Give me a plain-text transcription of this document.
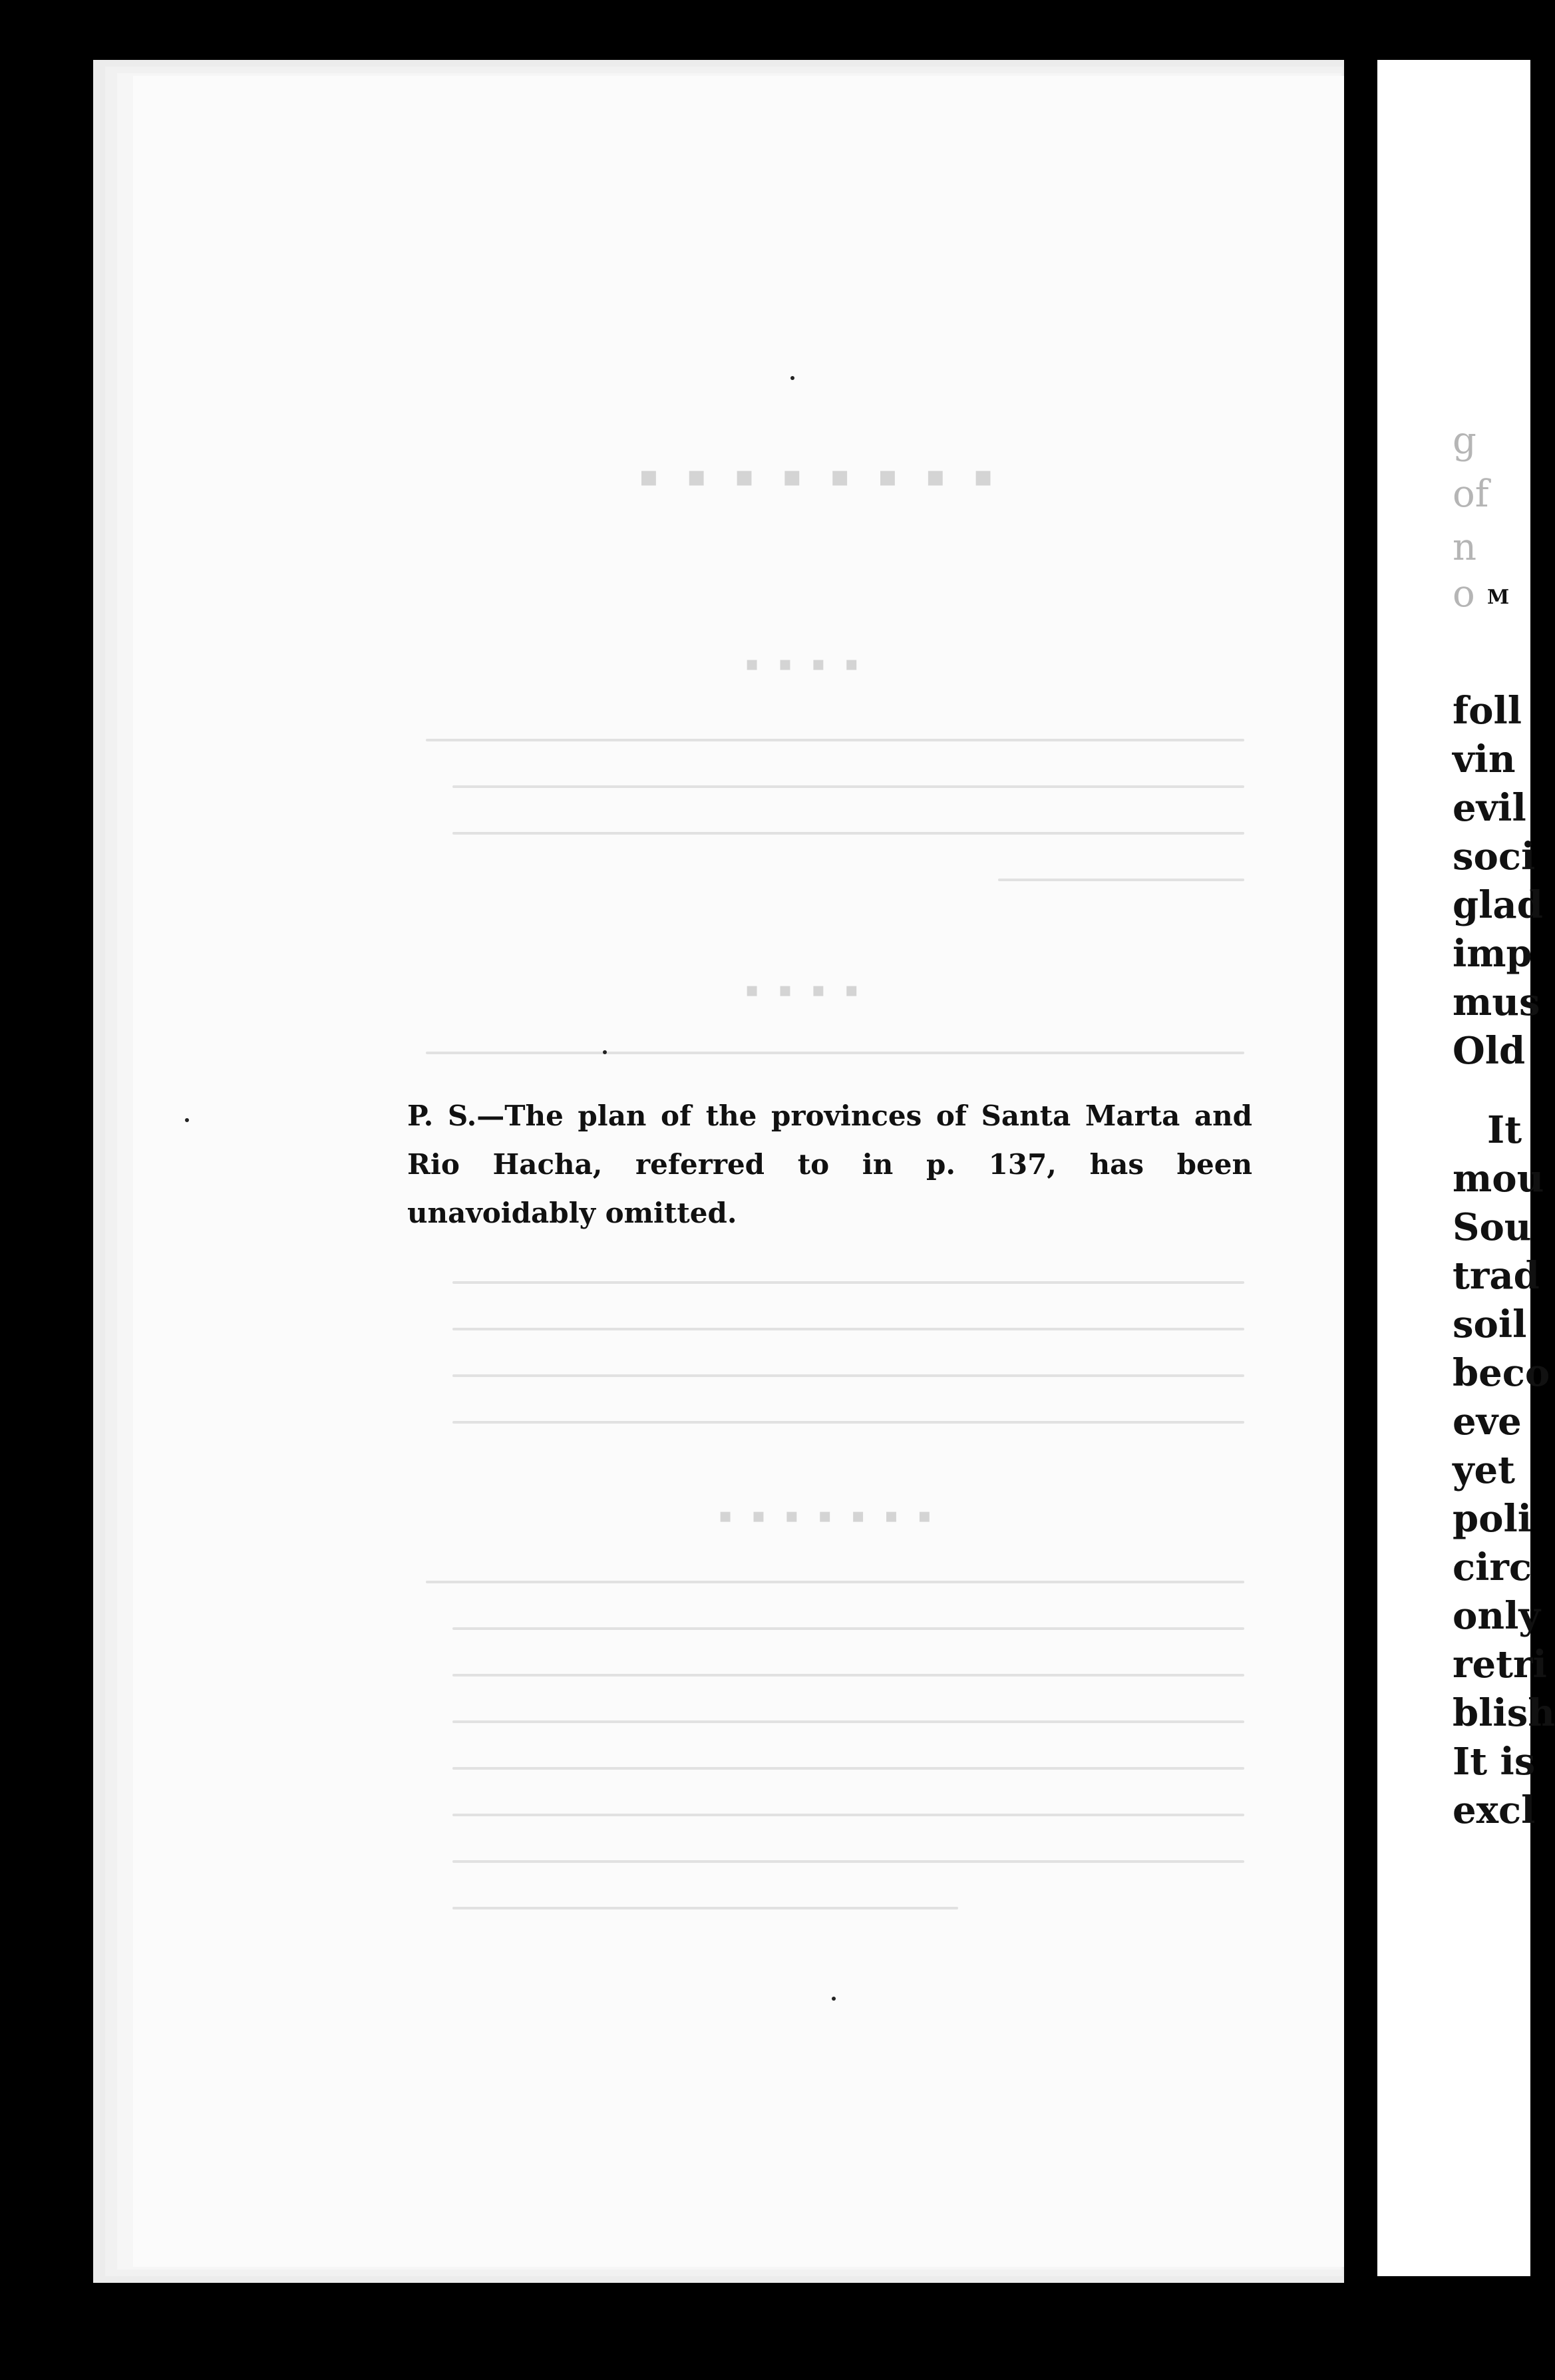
▪ ▪ ▪ ▪ ▪ ▪ ▪ ▪
▪ ▪ ▪ ▪
▪ ▪ ▪ ▪
▪ ▪ ▪ ▪ ▪ ▪ ▪

P. S.—The plan of the provinces of Santa Marta and Rio Hacha, referred to in p. 137, has been unavoidably omitted.

g
of
n
o M
foll
vin
evil
soci
glad
imp
mus
Old
It
mou
Sou
trad
soil
beco
eve
yet
poli
circ
only
retri
blish
It is
excl
